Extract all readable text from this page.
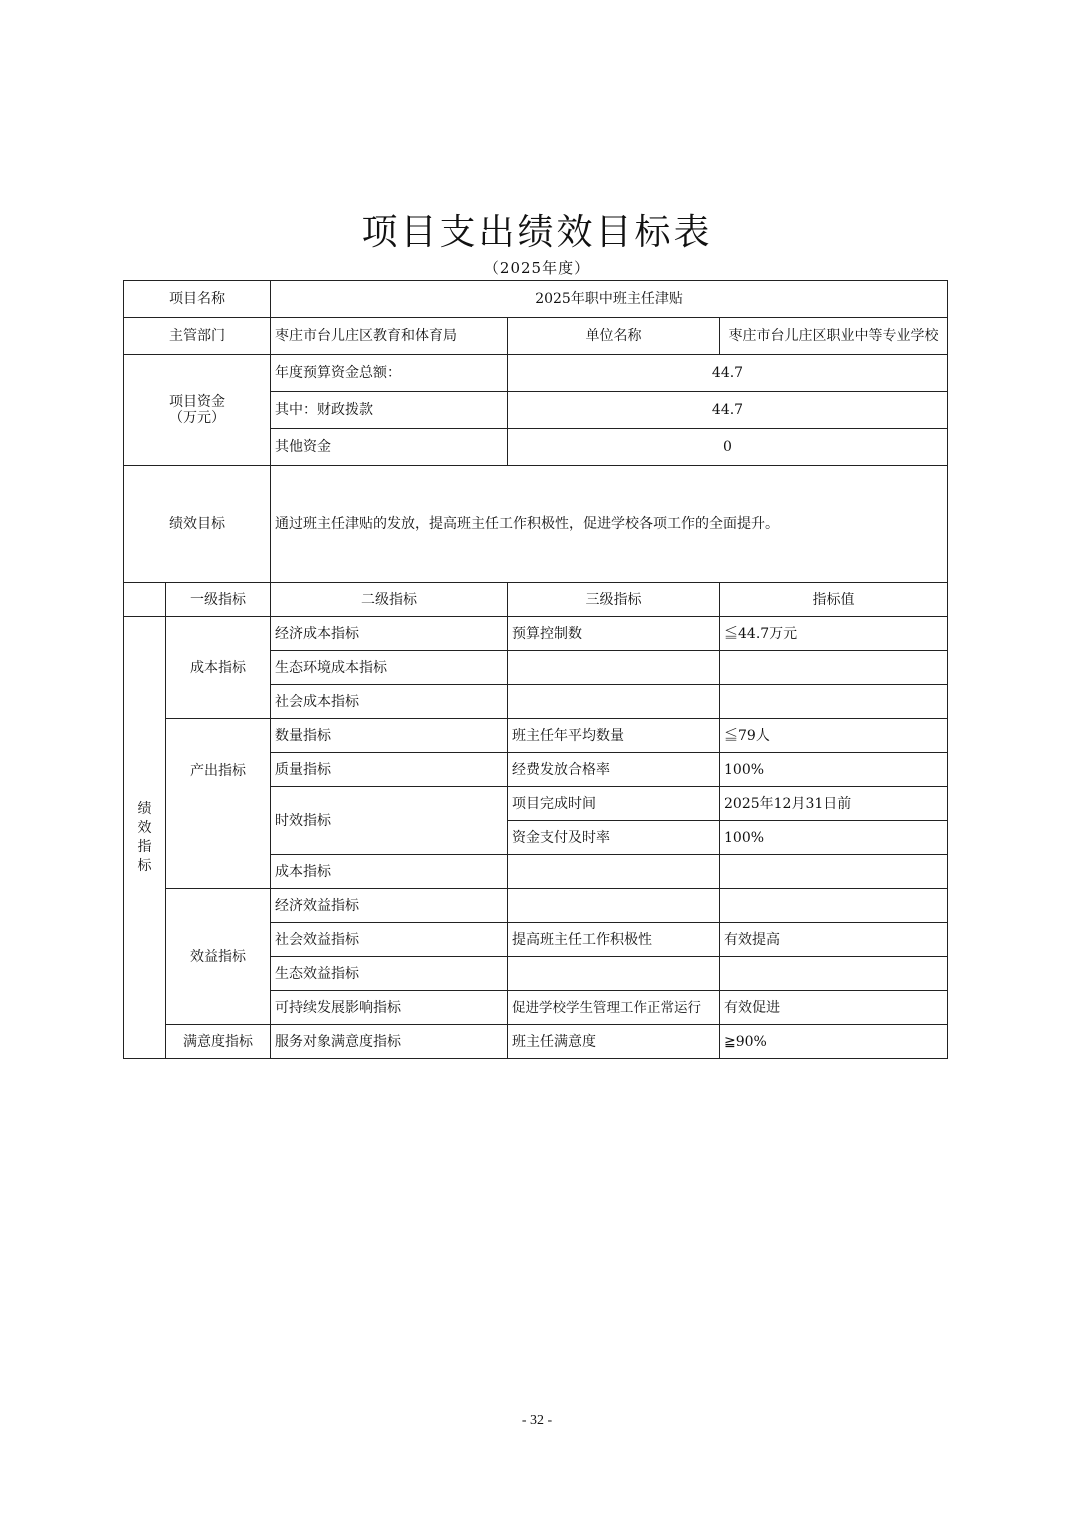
项目支出绩效目标表
（2025年度）
项目名称		2025年职中班主任津贴		
主管部门		枣庄市台儿庄区教育和体育局	单位名称	枣庄市台儿庄区职业中等专业学校
项目资金
（万元）		年度预算资金总额：	44.7	
		其中：财政拨款	44.7	
		其他资金	0	
绩效目标		通过班主任津贴的发放，提高班主任工作积极性，促进学校各项工作的全面提升。		
	一级指标	二级指标	三级指标	指标值
绩
效
指
标	成本指标	经济成本指标	预算控制数	≦44.7万元
		生态环境成本指标		
		社会成本指标		
	产出指标	数量指标	班主任年平均数量	≦79人
		质量指标	经费发放合格率	100%
		时效指标	项目完成时间	2025年12月31日前
			资金支付及时率	100%
		成本指标		
	效益指标	经济效益指标		
		社会效益指标	提高班主任工作积极性	有效提高
		生态效益指标		
		可持续发展影响指标	促进学校学生管理工作正常运行	有效促进
	满意度指标	服务对象满意度指标	班主任满意度	≧90%
- 32 -
